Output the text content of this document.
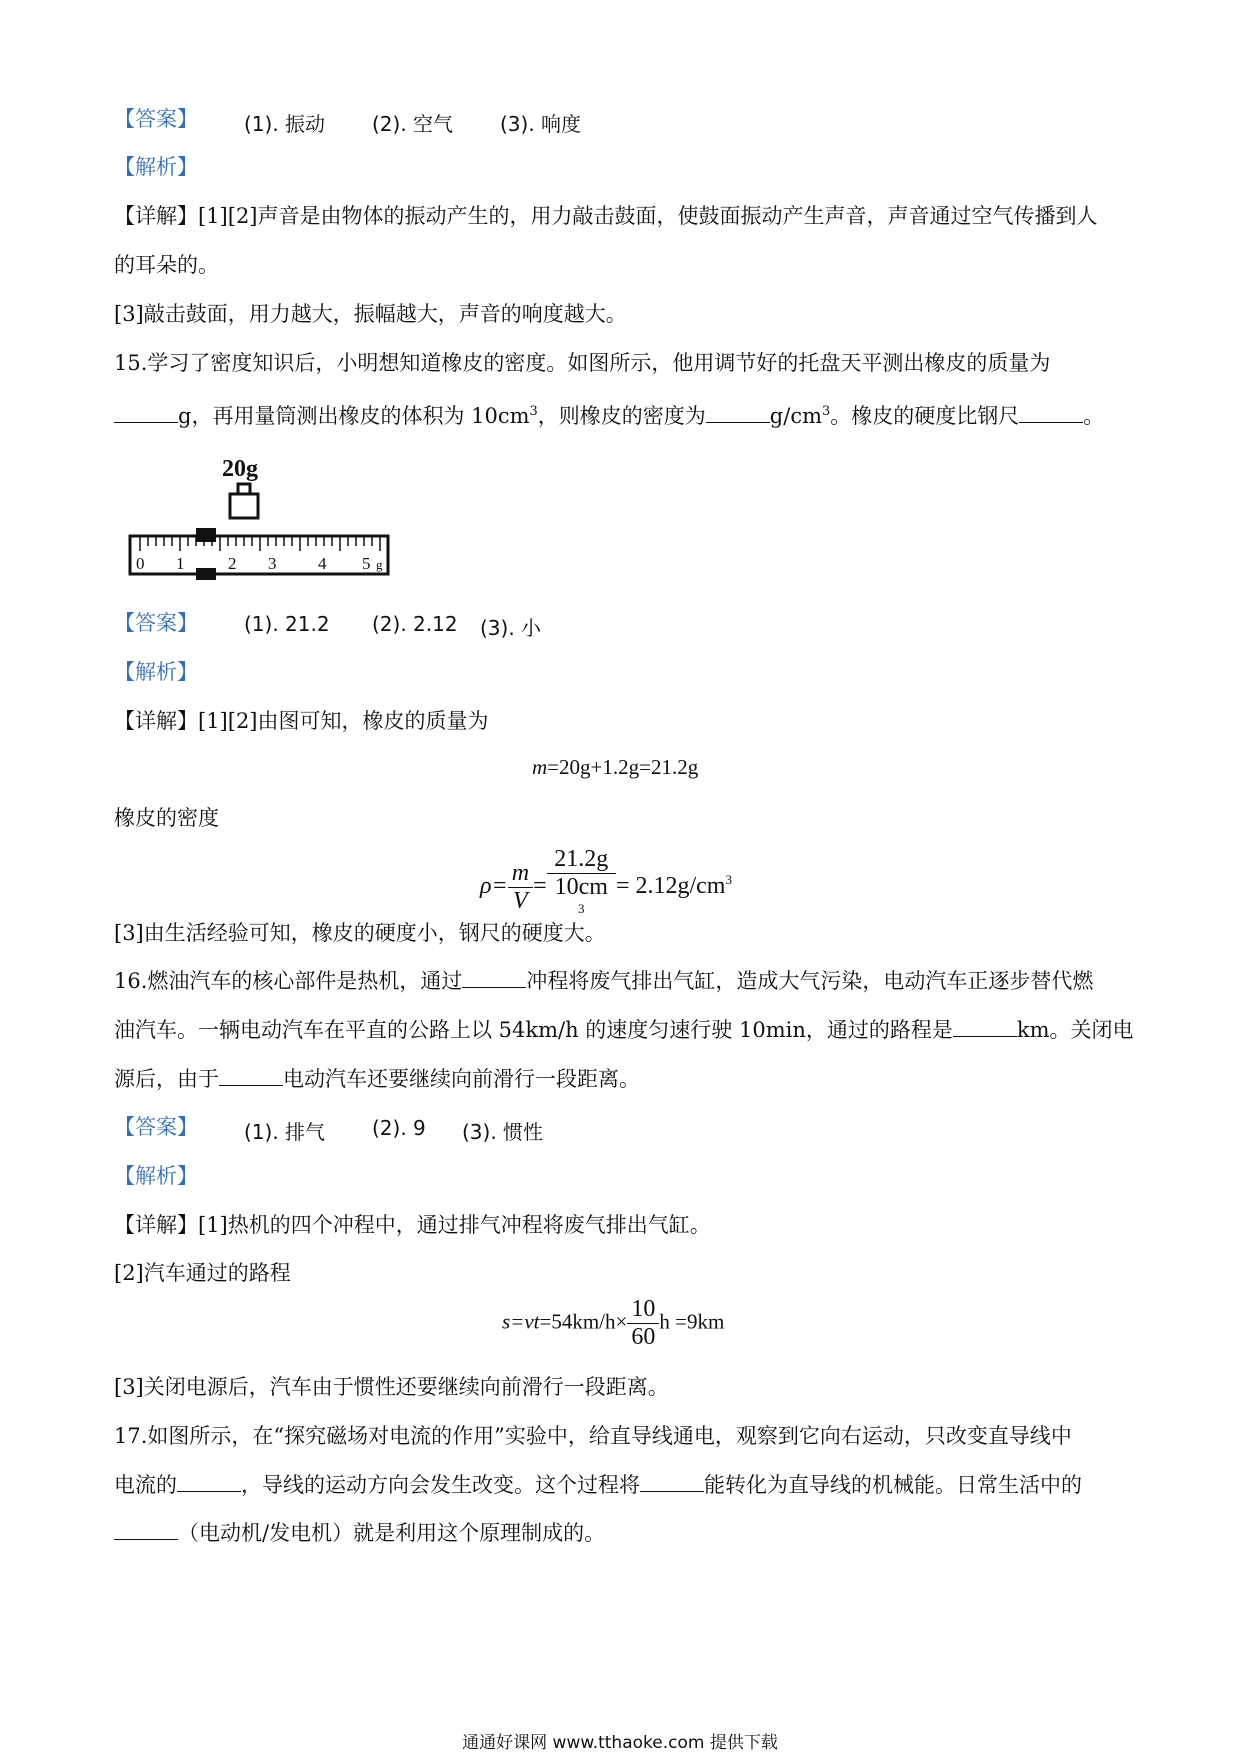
【答案】 (1). 振动 (2). 空气 (3). 响度
【解析】
【详解】[1][2]声音是由物体的振动产生的，用力敲击鼓面，使鼓面振动产生声音，声音通过空气传播到人
的耳朵的。
[3]敲击鼓面，用力越大，振幅越大，声音的响度越大。
15.学习了密度知识后，小明想知道橡皮的密度。如图所示，他用调节好的托盘天平测出橡皮的质量为
g，再用量筒测出橡皮的体积为 $10cm^3$，则橡皮的密度为	$g/cm^3$。橡皮的硬度比钢尺	。
20g
0 1	2 3 4 5 g
【答案】 (1). 21.2 (2). 2.12 (3). 小
【解析】
【详解】[1][2]由图可知，橡皮的质量为
m=20g+1.2g=21.2g
橡皮的密度
$\rho= \frac{m}{V} = 21.2g$
10cm
$^3 = 2.12g/cm^3$
[3]由生活经验可知，橡皮的硬度小，钢尺的硬度大。
16.燃油汽车的核心部件是热机，通过	冲程将废气排出气缸，造成大气污染，电动汽车正逐步替代燃
油汽车。一辆电动汽车在平直的公路上以 54km/h 的速度匀速行驶 10min，通过的路程是	km。关闭电
源后，由于	电动汽车还要继续向前滑行一段距离。
【答案】 (1). 排气 (2). 9 (3). 惯性
【解析】
【详解】[1]热机的四个冲程中，通过排气冲程将废气排出气缸。
[2]汽车通过的路程
$s=vt=54km/h\times \frac{10}{60}$ h =9km
[3]关闭电源后，汽车由于惯性还要继续向前滑行一段距离。
17.如图所示，在“探究磁场对电流的作用”实验中，给直导线通电，观察到它向右运动，只改变直导线中
电流的	，导线的运动方向会发生改变。这个过程将	能转化为直导线的机械能。日常生活中的
（电动机/发电机）就是利用这个原理制成的。
通通好课网 www.tthaoke.com 提供下载
